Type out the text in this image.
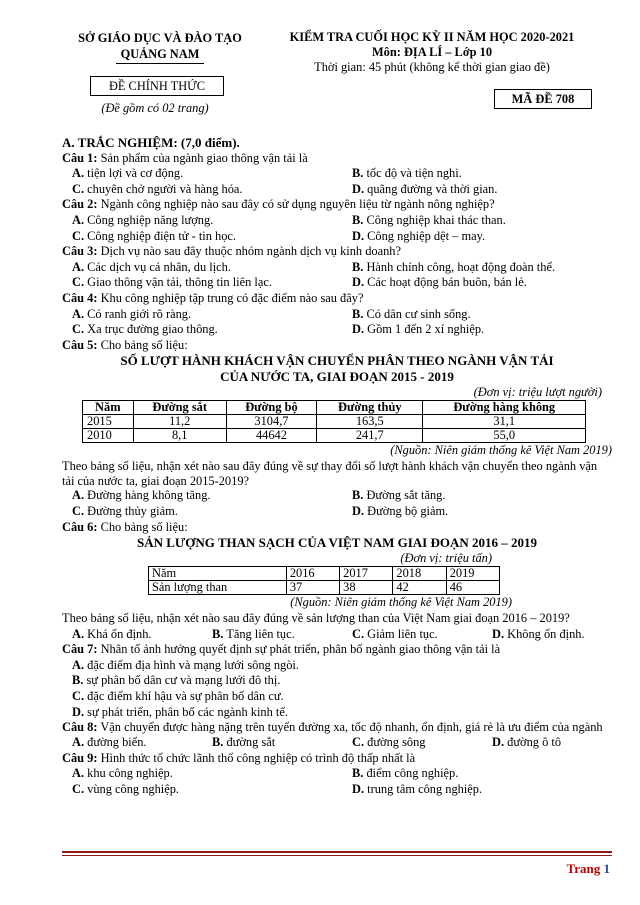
SỞ GIÁO DỤC VÀ ĐÀO TẠO
QUẢNG NAM
KIỂM TRA CUỐI HỌC KỲ II NĂM HỌC 2020-2021
Môn: ĐỊA LÍ – Lớp 10
Thời gian: 45 phút (không kể thời gian giao đề)
ĐỀ CHÍNH THỨC
(Đề gồm có 02 trang)
MÃ ĐỀ 708
A. TRẮC NGHIỆM: (7,0 điểm).
Câu 1: Sản phẩm của ngành giao thông vận tải là
A. tiện lợi và cơ động.	B. tốc độ và tiện nghi.
C. chuyên chở người và hàng hóa.	D. quãng đường và thời gian.
Câu 2: Ngành công nghiệp nào sau đây có sử dụng nguyên liệu từ ngành nông nghiệp?
A. Công nghiệp năng lượng.	B. Công nghiệp khai thác than.
C. Công nghiệp điện tử - tin học.	D. Công nghiệp dệt – may.
Câu 3: Dịch vụ nào sau đây thuộc nhóm ngành dịch vụ kinh doanh?
A. Các dịch vụ cá nhân, du lịch.	B. Hành chính công, hoạt động đoàn thể.
C. Giao thông vận tải, thông tin liên lạc.	D. Các hoạt động bán buôn, bán lẻ.
Câu 4: Khu công nghiệp tập trung có đặc điểm nào sau đây?
A. Có ranh giới rõ ràng.	B. Có dân cư sinh sống.
C. Xa trục đường giao thông.	D. Gồm 1 đến 2 xí nghiệp.
Câu 5: Cho bảng số liệu:
SỐ LƯỢT HÀNH KHÁCH VẬN CHUYỂN PHÂN THEO NGÀNH VẬN TẢI
CỦA NƯỚC TA, GIAI ĐOẠN 2015 - 2019
(Đơn vị: triệu lượt người)
Năm	Đường sắt	Đường bộ	Đường thủy	Đường hàng không
2015	11,2	3104,7	163,5	31,1
2010	8,1	44642	241,7	55,0
(Nguồn: Niên giám thống kê Việt Nam 2019)
Theo bảng số liệu, nhận xét nào sau đây đúng về sự thay đổi số lượt hành khách vận chuyển theo ngành vận tải của nước ta, giai đoạn 2015-2019?
A. Đường hàng không tăng.	B. Đường sắt tăng.
C. Đường thủy giảm.	D. Đường bộ giảm.
Câu 6: Cho bảng số liệu:
SẢN LƯỢNG THAN SẠCH CỦA VIỆT NAM GIAI ĐOẠN 2016 – 2019
(Đơn vị: triệu tấn)
Năm	2016	2017	2018	2019
Sản lượng than	37	38	42	46
(Nguồn: Niên giám thống kê Việt Nam 2019)
Theo bảng số liệu, nhận xét nào sau đây đúng về sản lượng than của Việt Nam giai đoạn 2016 – 2019?
A. Khá ổn định.	B. Tăng liên tục.	C. Giảm liên tục.	D. Không ổn định.
Câu 7: Nhân tố ảnh hưởng quyết định sự phát triển, phân bố ngành giao thông vận tải là
A. đặc điểm địa hình và mạng lưới sông ngòi.
B. sự phân bố dân cư và mạng lưới đô thị.
C. đặc điểm khí hậu và sự phân bố dân cư.
D. sự phát triển, phân bố các ngành kinh tế.
Câu 8: Vận chuyển được hàng nặng trên tuyến đường xa, tốc độ nhanh, ổn định, giá rẻ là ưu điểm của ngành
A. đường biển.	B. đường sắt	C. đường sông	D. đường ô tô
Câu 9: Hình thức tổ chức lãnh thổ công nghiệp có trình độ thấp nhất là
A. khu công nghiệp.	B. điểm công nghiệp.
C. vùng công nghiệp.	D. trung tâm công nghiệp.
Trang 1
